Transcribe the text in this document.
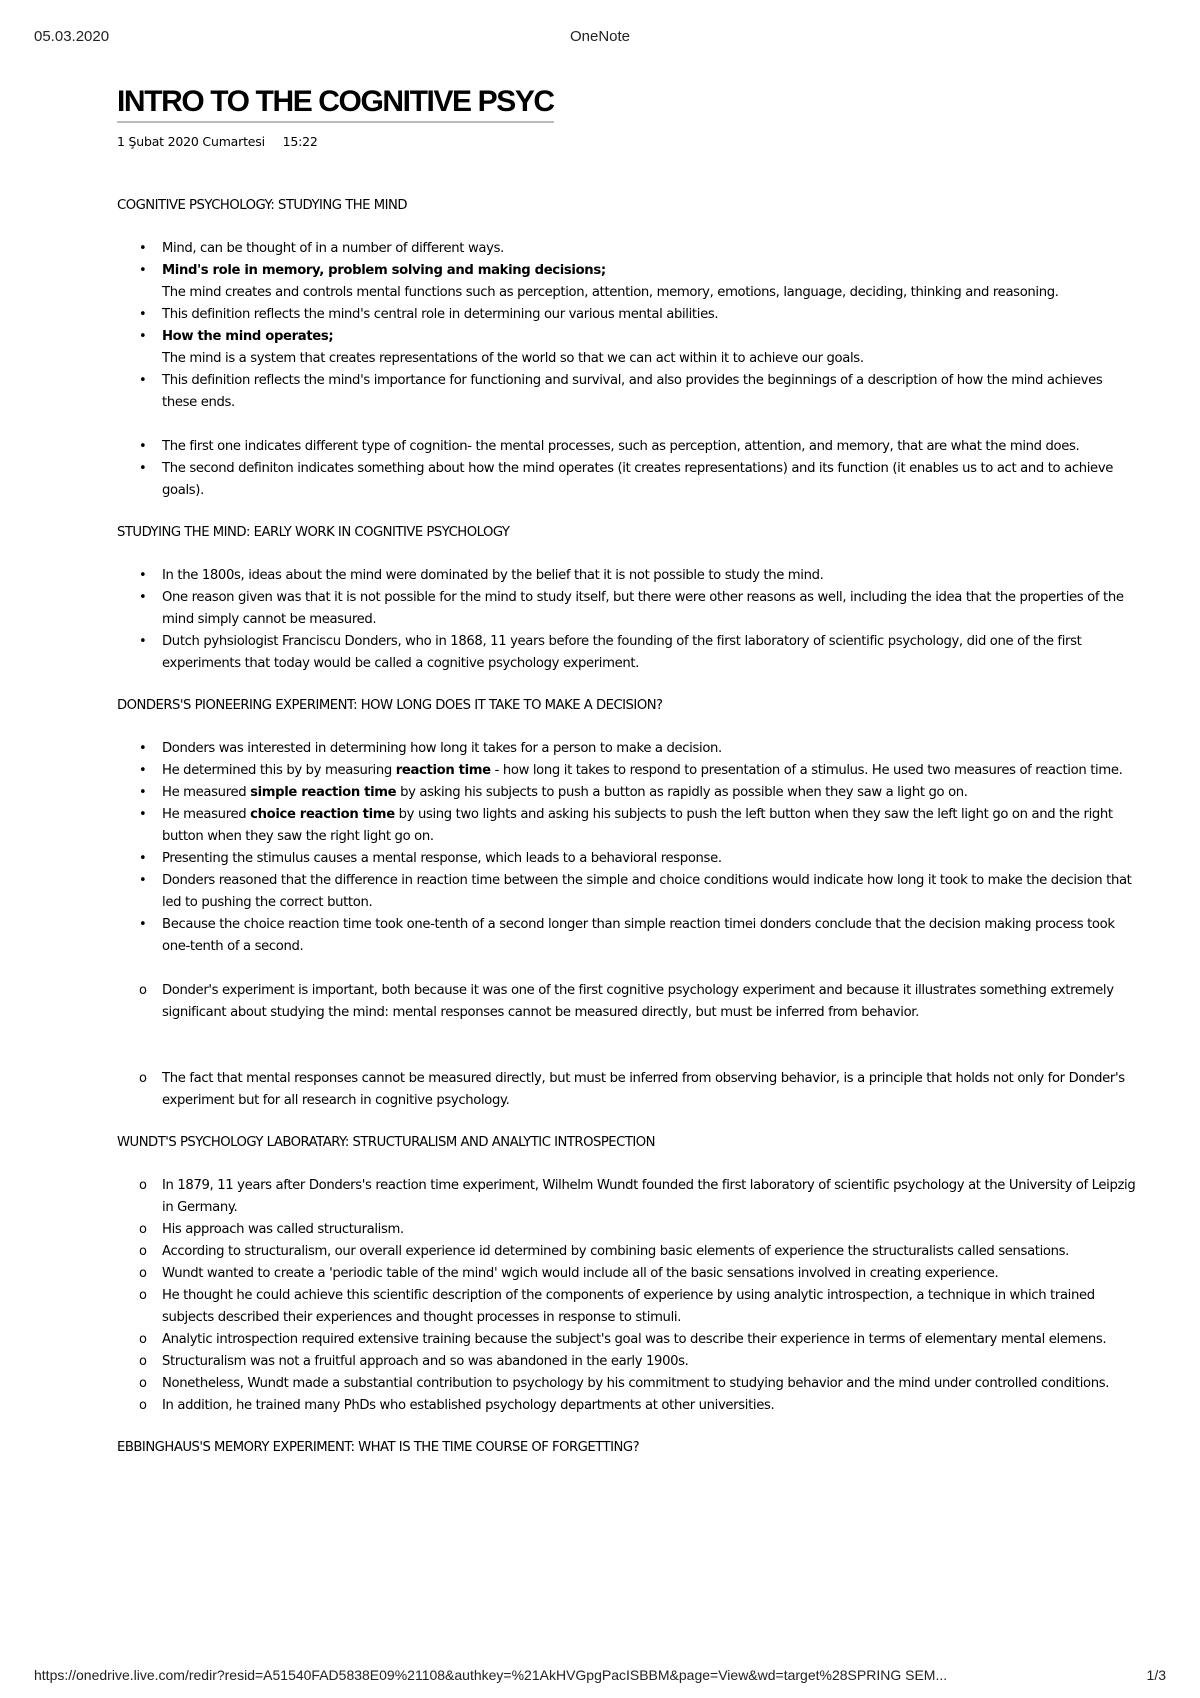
05.03.2020	OneNote
INTRO TO THE COGNITIVE PSYC
1 Şubat 2020 Cumartesi 15:22
COGNITIVE PSYCHOLOGY: STUDYING THE MIND
• Mind, can be thought of in a number of different ways.
• Mind's role in memory, problem solving and making decisions;
The mind creates and controls mental functions such as perception, attention, memory, emotions, language, deciding, thinking and reasoning.
• This definition reflects the mind's central role in determining our various mental abilities.
• How the mind operates;
The mind is a system that creates representations of the world so that we can act within it to achieve our goals.
• This definition reflects the mind's importance for functioning and survival, and also provides the beginnings of a description of how the mind achieves these ends.
• The first one indicates different type of cognition- the mental processes, such as perception, attention, and memory, that are what the mind does.
• The second definiton indicates something about how the mind operates (it creates representations) and its function (it enables us to act and to achieve goals).
STUDYING THE MIND: EARLY WORK IN COGNITIVE PSYCHOLOGY
• In the 1800s, ideas about the mind were dominated by the belief that it is not possible to study the mind.
• One reason given was that it is not possible for the mind to study itself, but there were other reasons as well, including the idea that the properties of the mind simply cannot be measured.
• Dutch pyhsiologist Franciscu Donders, who in 1868, 11 years before the founding of the first laboratory of scientific psychology, did one of the first experiments that today would be called a cognitive psychology experiment.
DONDERS'S PIONEERING EXPERIMENT: HOW LONG DOES IT TAKE TO MAKE A DECISION?
• Donders was interested in determining how long it takes for a person to make a decision.
• He determined this by by measuring reaction time - how long it takes to respond to presentation of a stimulus. He used two measures of reaction time.
• He measured simple reaction time by asking his subjects to push a button as rapidly as possible when they saw a light go on.
• He measured choice reaction time by using two lights and asking his subjects to push the left button when they saw the left light go on and the right button when they saw the right light go on.
• Presenting the stimulus causes a mental response, which leads to a behavioral response.
• Donders reasoned that the difference in reaction time between the simple and choice conditions would indicate how long it took to make the decision that led to pushing the correct button.
• Because the choice reaction time took one-tenth of a second longer than simple reaction timei donders conclude that the decision making process took one-tenth of a second.
o Donder's experiment is important, both because it was one of the first cognitive psychology experiment and because it illustrates something extremely significant about studying the mind: mental responses cannot be measured directly, but must be inferred from behavior.
o The fact that mental responses cannot be measured directly, but must be inferred from observing behavior, is a principle that holds not only for Donder's experiment but for all research in cognitive psychology.
WUNDT'S PSYCHOLOGY LABORATARY: STRUCTURALISM AND ANALYTIC INTROSPECTION
o In 1879, 11 years after Donders's reaction time experiment, Wilhelm Wundt founded the first laboratory of scientific psychology at the University of Leipzig in Germany.
o His approach was called structuralism.
o According to structuralism, our overall experience id determined by combining basic elements of experience the structuralists called sensations.
o Wundt wanted to create a 'periodic table of the mind' wgich would include all of the basic sensations involved in creating experience.
o He thought he could achieve this scientific description of the components of experience by using analytic introspection, a technique in which trained subjects described their experiences and thought processes in response to stimuli.
o Analytic introspection required extensive training because the subject's goal was to describe their experience in terms of elementary mental elemens.
o Structuralism was not a fruitful approach and so was abandoned in the early 1900s.
o Nonetheless, Wundt made a substantial contribution to psychology by his commitment to studying behavior and the mind under controlled conditions.
o In addition, he trained many PhDs who established psychology departments at other universities.
EBBINGHAUS'S MEMORY EXPERIMENT: WHAT IS THE TIME COURSE OF FORGETTING?
https://onedrive.live.com/redir?resid=A51540FAD5838E09%21108&authkey=%21AkHVGpgPacISBBM&page=View&wd=target%28SPRING SEM...	1/3
